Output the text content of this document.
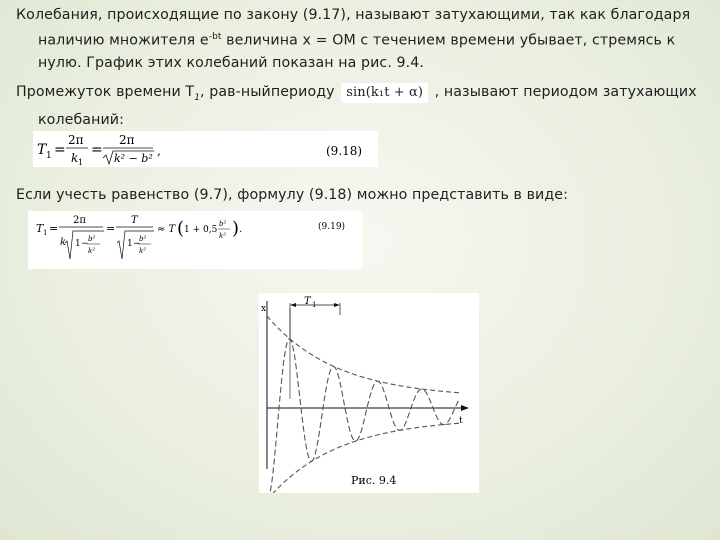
Колебания, происходящие по закону (9.17), называют затухающими, так как благодаря
наличию множителя $e^{-bt}$ величина x = ОМ с течением времени убывает, стремясь к
нулю. График этих колебаний показан на рис. 9.4.
Промежуток времени $T_1$, рав-ныйпериоду sin(k₁t + α) , называют периодом затухающих
колебаний:
T 1 =
2π
k 1
=
2π
k² − b²
,	(9.18)
Если учесть равенство (9.7), формулу (9.18) можно представить в виде:
T 1 =
2π
k 1 − b²
k²
=
T
1 −
b²
k²
≈ T ( 1 + 0,5
b²
k² ) .	(9.19)
x
t
T 1
Рис. 9.4
